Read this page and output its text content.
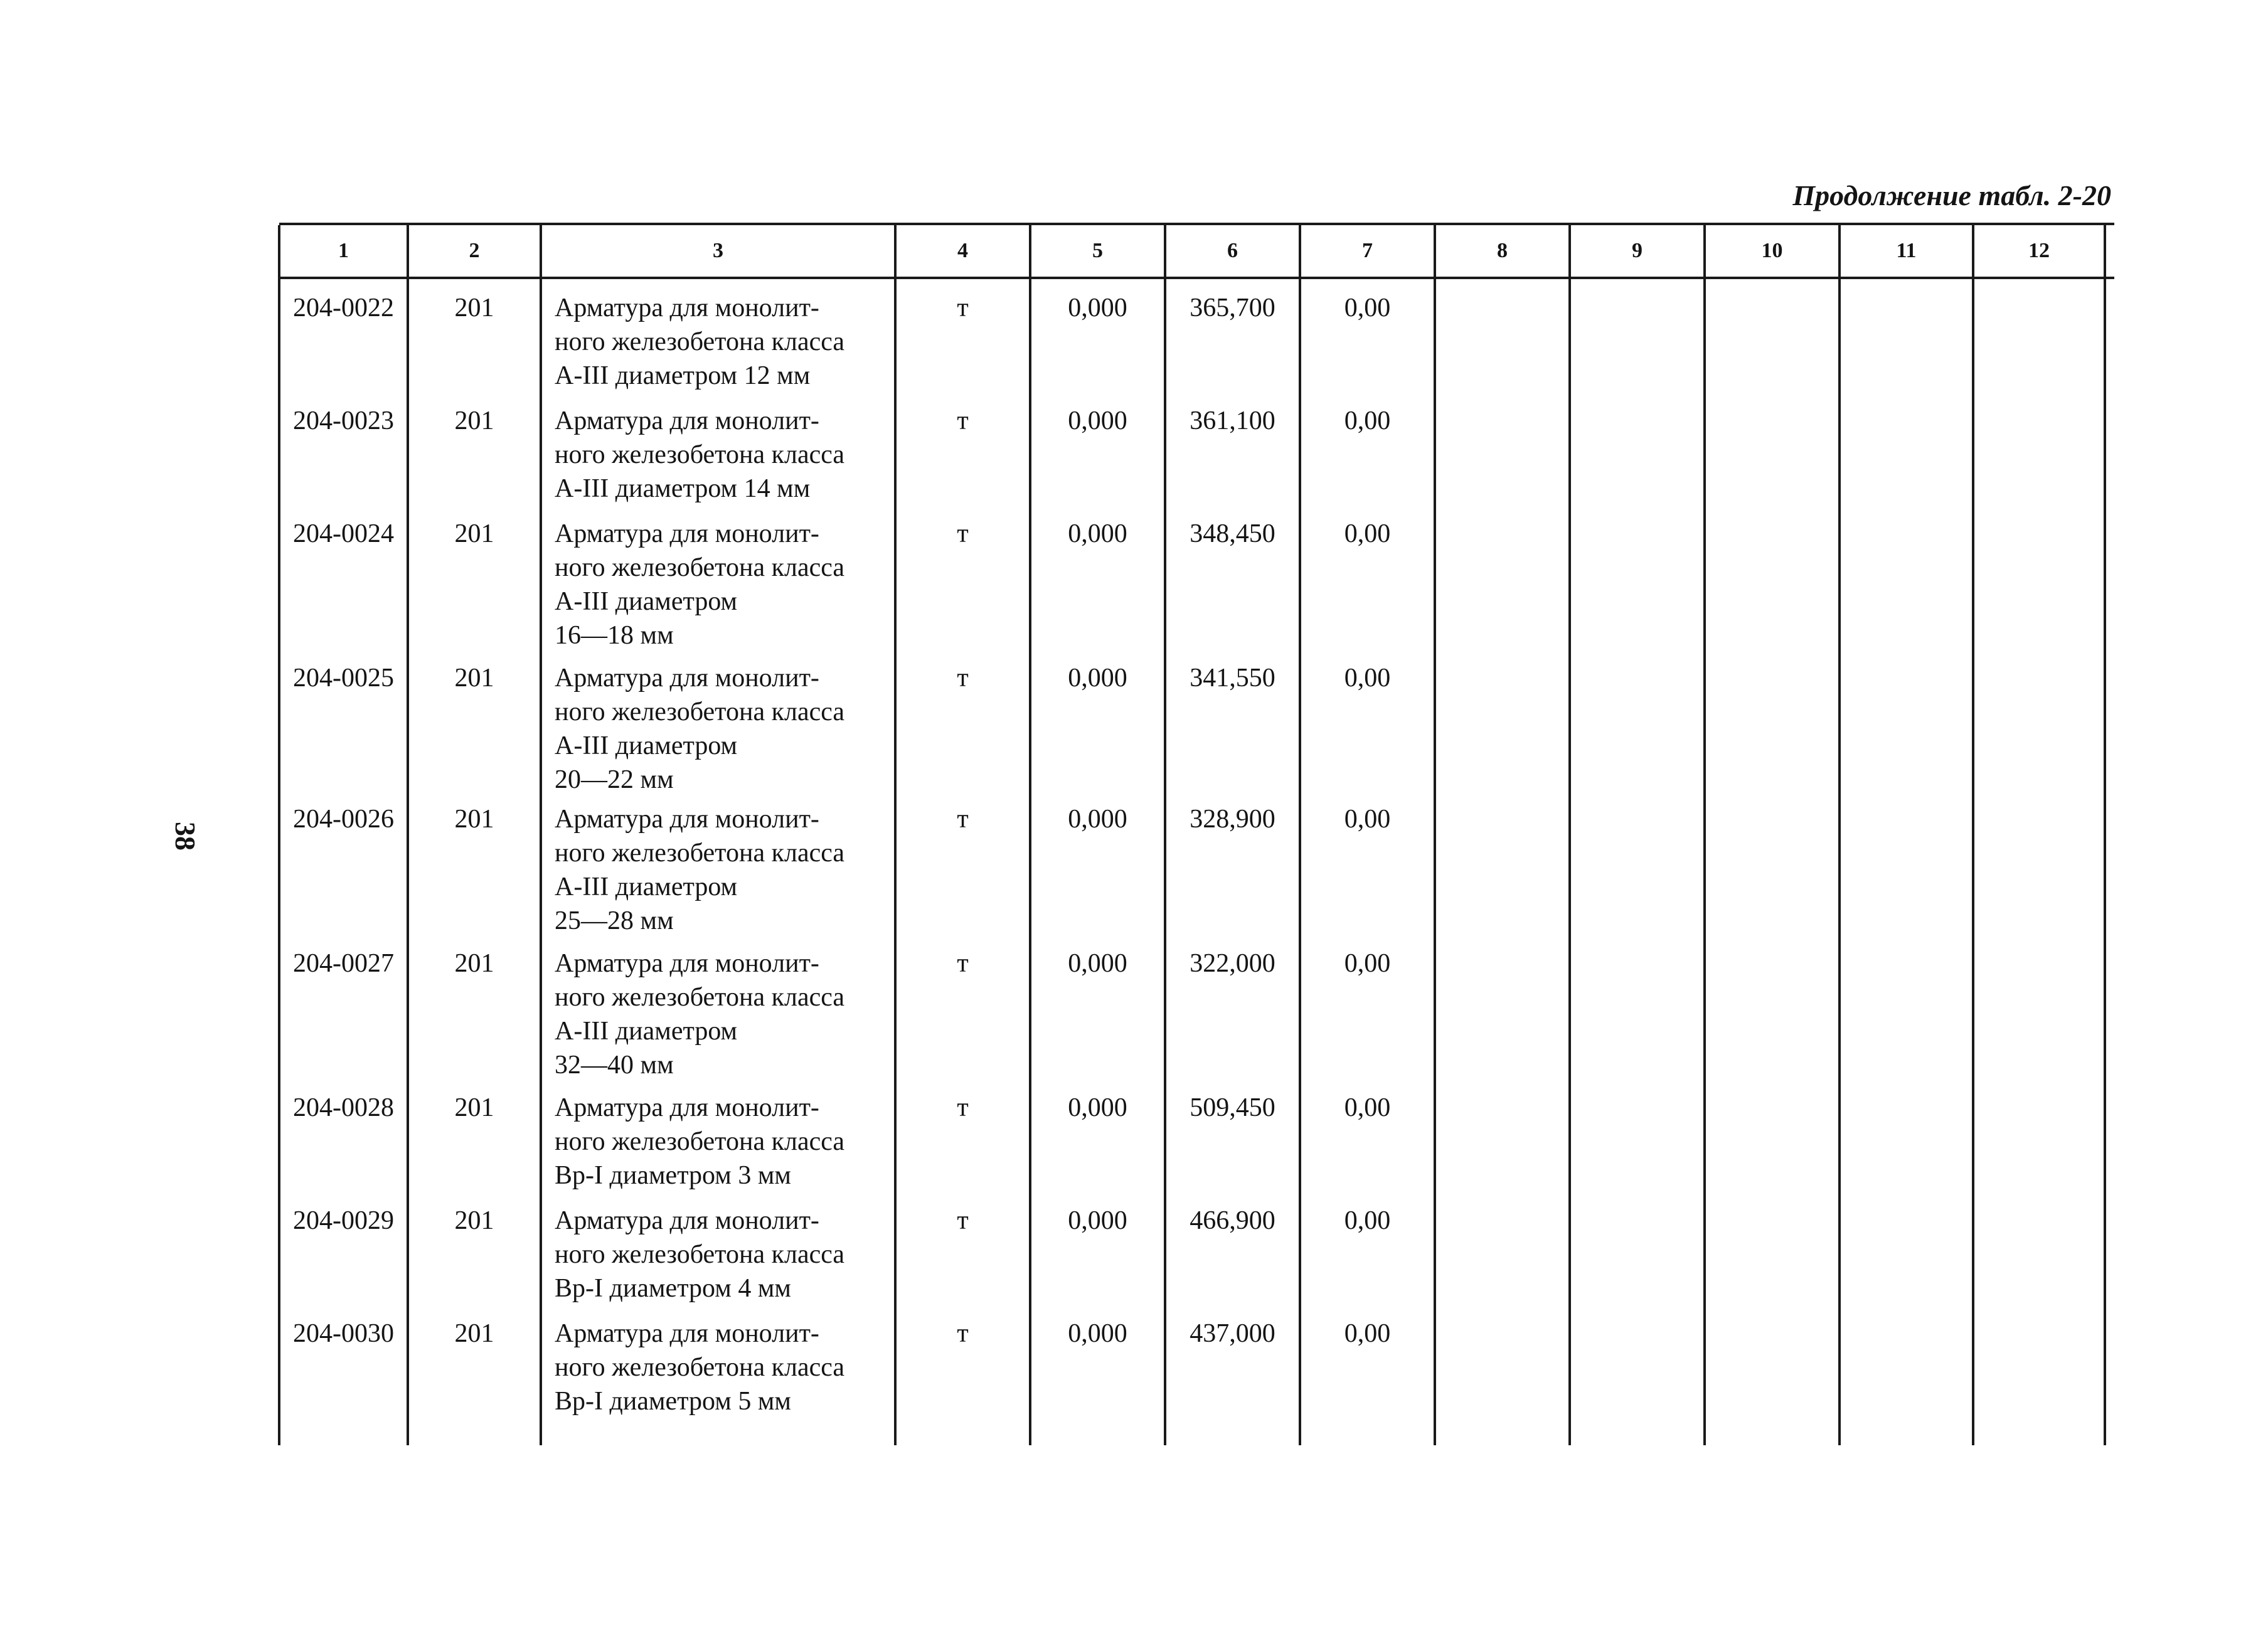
Продолжение табл. 2-20
38
1	2	3	4	5	6	7	8	9	10	11	12
204-0022	201	Арматура для монолит-
ного железобетона класса
А-III диаметром 12 мм
т	0,000	365,700	0,00
204-0023	201	Арматура для монолит-
ного железобетона класса
А-III диаметром 14 мм
т	0,000	361,100	0,00
204-0024	201	Арматура для монолит-
ного железобетона класса
А-III диаметром
16—18 мм
т	0,000	348,450	0,00
204-0025	201	Арматура для монолит-
ного железобетона класса
А-III диаметром
20—22 мм
т	0,000	341,550	0,00
204-0026	201	Арматура для монолит-
ного железобетона класса
А-III диаметром
25—28 мм
т	0,000	328,900	0,00
204-0027	201	Арматура для монолит-
ного железобетона класса
А-III диаметром
32—40 мм
т	0,000	322,000	0,00
204-0028	201	Арматура для монолит-
ного железобетона класса
Вр-I диаметром 3 мм
т	0,000	509,450	0,00
204-0029	201	Арматура для монолит-
ного железобетона класса
Вр-I диаметром 4 мм
т	0,000	466,900	0,00
204-0030	201	Арматура для монолит-
ного железобетона класса
Вр-I диаметром 5 мм
т	0,000	437,000	0,00
